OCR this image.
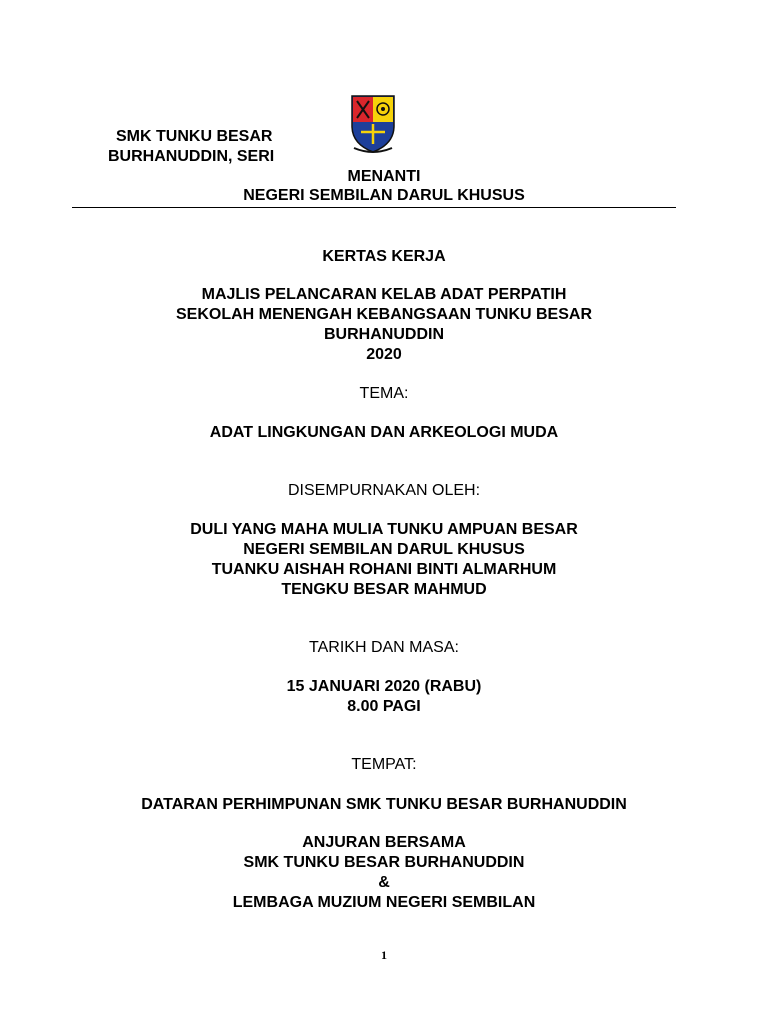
SMK TUNKU BESAR
BURHANUDDIN, SERI
MENANTI
NEGERI SEMBILAN DARUL KHUSUS
KERTAS KERJA
MAJLIS PELANCARAN KELAB ADAT PERPATIH
SEKOLAH MENENGAH KEBANGSAAN TUNKU BESAR
BURHANUDDIN
2020
TEMA:
ADAT LINGKUNGAN DAN ARKEOLOGI MUDA
DISEMPURNAKAN OLEH:
DULI YANG MAHA MULIA TUNKU AMPUAN BESAR
NEGERI SEMBILAN DARUL KHUSUS
TUANKU AISHAH ROHANI BINTI ALMARHUM
TENGKU BESAR MAHMUD
TARIKH DAN MASA:
15 JANUARI 2020 (RABU)
8.00 PAGI
TEMPAT:
DATARAN PERHIMPUNAN SMK TUNKU BESAR BURHANUDDIN
ANJURAN BERSAMA
SMK TUNKU BESAR BURHANUDDIN
&
LEMBAGA MUZIUM NEGERI SEMBILAN
1
